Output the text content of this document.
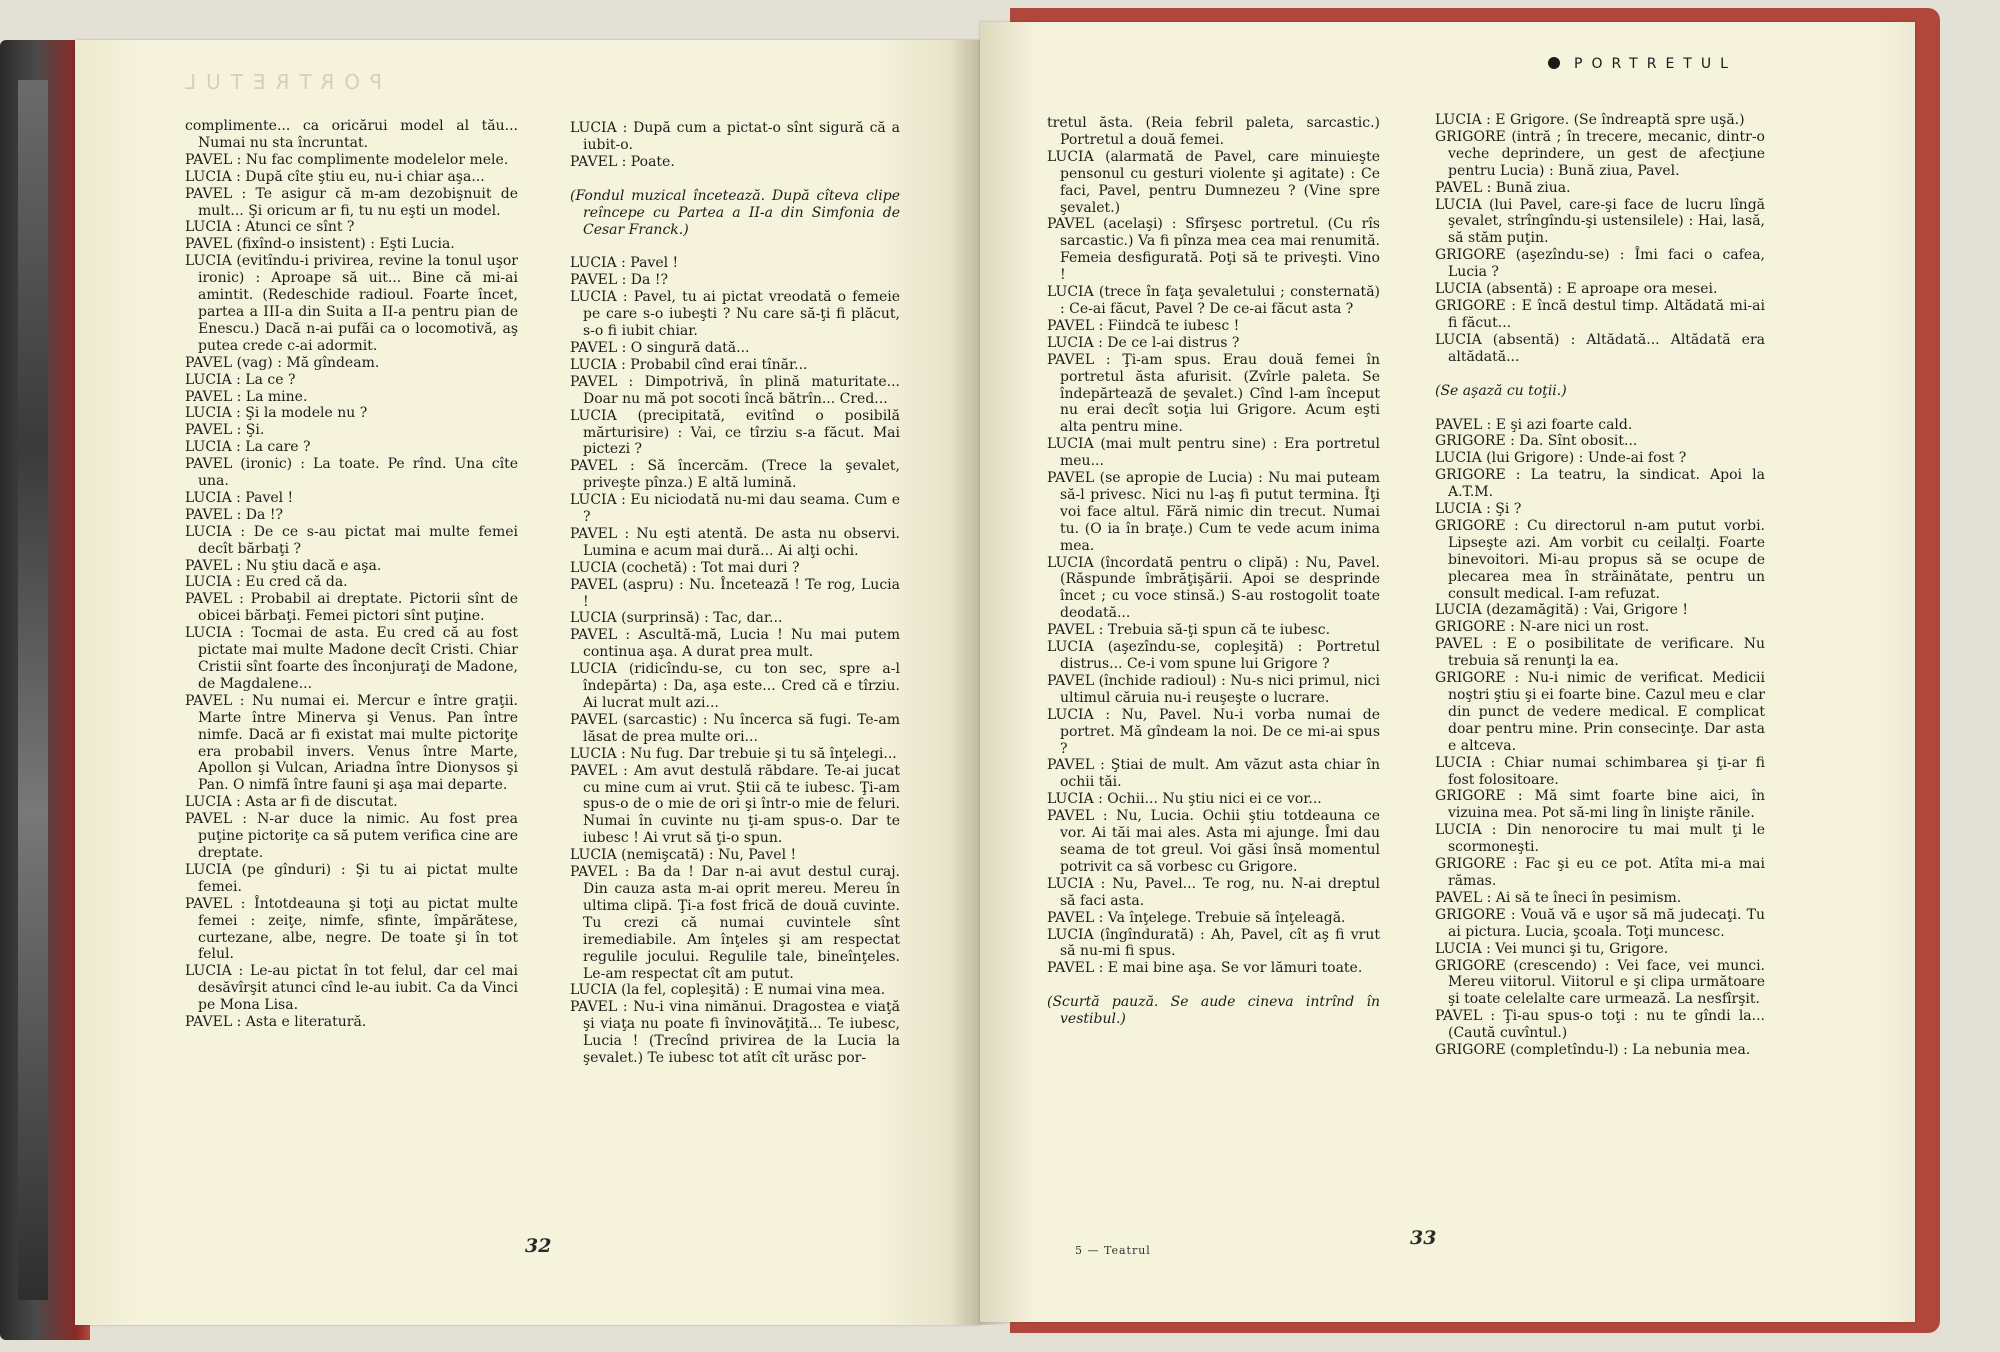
PORTRETUL

complimente... ca oricărui model al tău... Numai nu sta încruntat.

PAVEL : Nu fac complimente modelelor mele.

LUCIA : După cîte ştiu eu, nu-i chiar aşa...

PAVEL : Te asigur că m-am dezobişnuit de mult... Şi oricum ar fi, tu nu eşti un model.

LUCIA : Atunci ce sînt ?

PAVEL (fixînd-o insistent) : Eşti Lucia.

LUCIA (evitîndu-i privirea, revine la tonul uşor ironic) : Aproape să uit... Bine că mi-ai amintit. (Redeschide radioul. Foarte încet, partea a III-a din Suita a II-a pentru pian de Enescu.) Dacă n-ai pufăi ca o locomotivă, aş putea crede c-ai adormit.

PAVEL (vag) : Mă gîndeam.

LUCIA : La ce ?

PAVEL : La mine.

LUCIA : Şi la modele nu ?

PAVEL : Şi.

LUCIA : La care ?

PAVEL (ironic) : La toate. Pe rînd. Una cîte una.

LUCIA : Pavel !

PAVEL : Da !?

LUCIA : De ce s-au pictat mai multe femei decît bărbaţi ?

PAVEL : Nu ştiu dacă e aşa.

LUCIA : Eu cred că da.

PAVEL : Probabil ai dreptate. Pictorii sînt de obicei bărbaţi. Femei pictori sînt puţine.

LUCIA : Tocmai de asta. Eu cred că au fost pictate mai multe Madone decît Cristi. Chiar Cristii sînt foarte des înconjuraţi de Madone, de Magdalene...

PAVEL : Nu numai ei. Mercur e între graţii. Marte între Minerva şi Venus. Pan între nimfe. Dacă ar fi existat mai multe pictoriţe era probabil invers. Venus între Marte, Apollon şi Vulcan, Ariadna între Dionysos şi Pan. O nimfă între fauni şi aşa mai departe.

LUCIA : Asta ar fi de discutat.

PAVEL : N-ar duce la nimic. Au fost prea puţine pictoriţe ca să putem verifica cine are dreptate.

LUCIA (pe gînduri) : Şi tu ai pictat multe femei.

PAVEL : Întotdeauna şi toţi au pictat multe femei : zeiţe, nimfe, sfinte, împărătese, curtezane, albe, negre. De toate şi în tot felul.

LUCIA : Le-au pictat în tot felul, dar cel mai desăvîrşit atunci cînd le-au iubit. Ca da Vinci pe Mona Lisa.

PAVEL : Asta e literatură.

LUCIA : După cum a pictat-o sînt sigură că a iubit-o.

PAVEL : Poate.

(Fondul muzical încetează. După cîteva clipe reîncepe cu Partea a II-a din Simfonia de Cesar Franck.)

LUCIA : Pavel !

PAVEL : Da !?

LUCIA : Pavel, tu ai pictat vreodată o femeie pe care s-o iubeşti ? Nu care să-ţi fi plăcut, s-o fi iubit chiar.

PAVEL : O singură dată...

LUCIA : Probabil cînd erai tînăr...

PAVEL : Dimpotrivă, în plină maturitate... Doar nu mă pot socoti încă bătrîn... Cred...

LUCIA (precipitată, evitînd o posibilă mărturisire) : Vai, ce tîrziu s-a făcut. Mai pictezi ?

PAVEL : Să încercăm. (Trece la şevalet, priveşte pînza.) E altă lumină.

LUCIA : Eu niciodată nu-mi dau seama. Cum e ?

PAVEL : Nu eşti atentă. De asta nu observi. Lumina e acum mai dură... Ai alţi ochi.

LUCIA (cochetă) : Tot mai duri ?

PAVEL (aspru) : Nu. Încetează ! Te rog, Lucia !

LUCIA (surprinsă) : Tac, dar...

PAVEL : Ascultă-mă, Lucia ! Nu mai putem continua aşa. A durat prea mult.

LUCIA (ridicîndu-se, cu ton sec, spre a-l îndepărta) : Da, aşa este... Cred că e tîrziu. Ai lucrat mult azi...

PAVEL (sarcastic) : Nu încerca să fugi. Te-am lăsat de prea multe ori...

LUCIA : Nu fug. Dar trebuie şi tu să înţelegi...

PAVEL : Am avut destulă răbdare. Te-ai jucat cu mine cum ai vrut. Ştii că te iubesc. Ţi-am spus-o de o mie de ori şi într-o mie de feluri. Numai în cuvinte nu ţi-am spus-o. Dar te iubesc ! Ai vrut să ţi-o spun.

LUCIA (nemişcată) : Nu, Pavel !

PAVEL : Ba da ! Dar n-ai avut destul curaj. Din cauza asta m-ai oprit mereu. Mereu în ultima clipă. Ţi-a fost frică de două cuvinte. Tu crezi că numai cuvintele sînt iremediabile. Am înţeles şi am respectat regulile jocului. Regulile tale, bineînţeles. Le-am respectat cît am putut.

LUCIA (la fel, copleşită) : E numai vina mea.

PAVEL : Nu-i vina nimănui. Dragostea e viaţă şi viaţa nu poate fi învinovăţită... Te iubesc, Lucia ! (Trecînd privirea de la Lucia la şevalet.) Te iubesc tot atît cît urăsc por-

32
PORTRETUL

tretul ăsta. (Reia febril paleta, sarcastic.) Portretul a două femei.

LUCIA (alarmată de Pavel, care minuieşte pensonul cu gesturi violente şi agitate) : Ce faci, Pavel, pentru Dumnezeu ? (Vine spre şevalet.)

PAVEL (acelaşi) : Sfîrşesc portretul. (Cu rîs sarcastic.) Va fi pînza mea cea mai renumită. Femeia desfigurată. Poţi să te priveşti. Vino !

LUCIA (trece în faţa şevaletului ; consternată) : Ce-ai făcut, Pavel ? De ce-ai făcut asta ?

PAVEL : Fiindcă te iubesc !

LUCIA : De ce l-ai distrus ?

PAVEL : Ţi-am spus. Erau două femei în portretul ăsta afurisit. (Zvîrle paleta. Se îndepărtează de şevalet.) Cînd l-am început nu erai decît soţia lui Grigore. Acum eşti alta pentru mine.

LUCIA (mai mult pentru sine) : Era portretul meu...

PAVEL (se apropie de Lucia) : Nu mai puteam să-l privesc. Nici nu l-aş fi putut termina. Îţi voi face altul. Fără nimic din trecut. Numai tu. (O ia în braţe.) Cum te vede acum inima mea.

LUCIA (încordată pentru o clipă) : Nu, Pavel. (Răspunde îmbrăţişării. Apoi se desprinde încet ; cu voce stinsă.) S-au rostogolit toate deodată...

PAVEL : Trebuia să-ţi spun că te iubesc.

LUCIA (aşezîndu-se, copleşită) : Portretul distrus... Ce-i vom spune lui Grigore ?

PAVEL (închide radioul) : Nu-s nici primul, nici ultimul căruia nu-i reuşeşte o lucrare.

LUCIA : Nu, Pavel. Nu-i vorba numai de portret. Mă gîndeam la noi. De ce mi-ai spus ?

PAVEL : Ştiai de mult. Am văzut asta chiar în ochii tăi.

LUCIA : Ochii... Nu ştiu nici ei ce vor...

PAVEL : Nu, Lucia. Ochii ştiu totdeauna ce vor. Ai tăi mai ales. Asta mi ajunge. Îmi dau seama de tot greul. Voi găsi însă momentul potrivit ca să vorbesc cu Grigore.

LUCIA : Nu, Pavel... Te rog, nu. N-ai dreptul să faci asta.

PAVEL : Va înţelege. Trebuie să înţeleagă.

LUCIA (îngîndurată) : Ah, Pavel, cît aş fi vrut să nu-mi fi spus.

PAVEL : E mai bine aşa. Se vor lămuri toate.

(Scurtă pauză. Se aude cineva intrînd în vestibul.)

LUCIA : E Grigore. (Se îndreaptă spre uşă.)

GRIGORE (intră ; în trecere, mecanic, dintr-o veche deprindere, un gest de afecţiune pentru Lucia) : Bună ziua, Pavel.

PAVEL : Bună ziua.

LUCIA (lui Pavel, care-şi face de lucru lîngă şevalet, strîngîndu-şi ustensilele) : Hai, lasă, să stăm puţin.

GRIGORE (aşezîndu-se) : Îmi faci o cafea, Lucia ?

LUCIA (absentă) : E aproape ora mesei.

GRIGORE : E încă destul timp. Altădată mi-ai fi făcut...

LUCIA (absentă) : Altădată... Altădată era altădată...

(Se aşază cu toţii.)

PAVEL : E şi azi foarte cald.

GRIGORE : Da. Sînt obosit...

LUCIA (lui Grigore) : Unde-ai fost ?

GRIGORE : La teatru, la sindicat. Apoi la A.T.M.

LUCIA : Şi ?

GRIGORE : Cu directorul n-am putut vorbi. Lipseşte azi. Am vorbit cu ceilalţi. Foarte binevoitori. Mi-au propus să se ocupe de plecarea mea în străinătate, pentru un consult medical. I-am refuzat.

LUCIA (dezamăgită) : Vai, Grigore !

GRIGORE : N-are nici un rost.

PAVEL : E o posibilitate de verificare. Nu trebuia să renunţi la ea.

GRIGORE : Nu-i nimic de verificat. Medicii noştri ştiu şi ei foarte bine. Cazul meu e clar din punct de vedere medical. E complicat doar pentru mine. Prin consecinţe. Dar asta e altceva.

LUCIA : Chiar numai schimbarea şi ţi-ar fi fost folositoare.

GRIGORE : Mă simt foarte bine aici, în vizuina mea. Pot să-mi ling în linişte rănile.

LUCIA : Din nenorocire tu mai mult ţi le scormoneşti.

GRIGORE : Fac şi eu ce pot. Atîta mi-a mai rămas.

PAVEL : Ai să te îneci în pesimism.

GRIGORE : Vouă vă e uşor să mă judecaţi. Tu ai pictura. Lucia, şcoala. Toţi muncesc.

LUCIA : Vei munci şi tu, Grigore.

GRIGORE (crescendo) : Vei face, vei munci. Mereu viitorul. Viitorul e şi clipa următoare şi toate celelalte care urmează. La nesfîrşit.

PAVEL : Ţi-au spus-o toţi : nu te gîndi la... (Caută cuvîntul.)

GRIGORE (completîndu-l) : La nebunia mea.

5 — Teatrul
33
